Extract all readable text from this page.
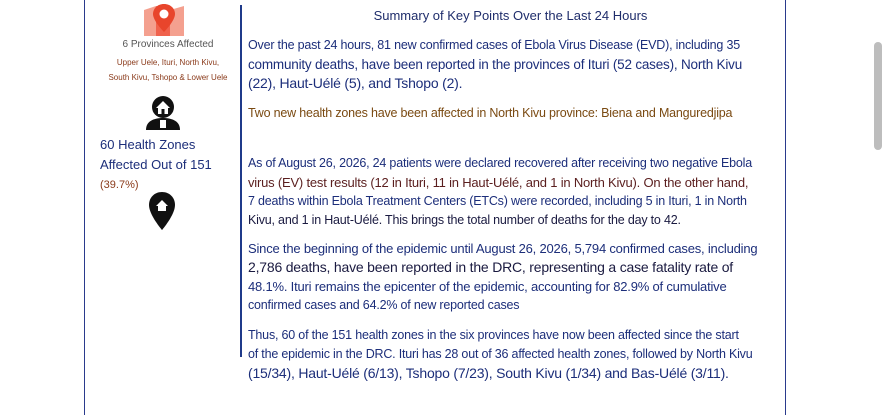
6 Provinces Affected
Upper Uele, Ituri, North Kivu,
South Kivu, Tshopo & Lower Uele
60 Health Zones
Affected Out of 151
(39.7%)
Summary of Key Points Over the Last 24 Hours
Over the past 24 hours, 81 new confirmed cases of Ebola Virus Disease (EVD), including 35
community deaths, have been reported in the provinces of Ituri (52 cases), North Kivu
(22), Haut-Uélé (5), and Tshopo (2).
Two new health zones have been affected in North Kivu province: Biena and Manguredjipa
As of August 26, 2026, 24 patients were declared recovered after receiving two negative Ebola
virus (EV) test results (12 in Ituri, 11 in Haut-Uélé, and 1 in North Kivu). On the other hand,
7 deaths within Ebola Treatment Centers (ETCs) were recorded, including 5 in Ituri, 1 in North
Kivu, and 1 in Haut-Uélé. This brings the total number of deaths for the day to 42.
Since the beginning of the epidemic until August 26, 2026, 5,794 confirmed cases, including
2,786 deaths, have been reported in the DRC, representing a case fatality rate of
48.1%. Ituri remains the epicenter of the epidemic, accounting for 82.9% of cumulative
confirmed cases and 64.2% of new reported cases
Thus, 60 of the 151 health zones in the six provinces have now been affected since the start
of the epidemic in the DRC. Ituri has 28 out of 36 affected health zones, followed by North Kivu
(15/34), Haut-Uélé (6/13), Tshopo (7/23), South Kivu (1/34) and Bas-Uélé (3/11).
